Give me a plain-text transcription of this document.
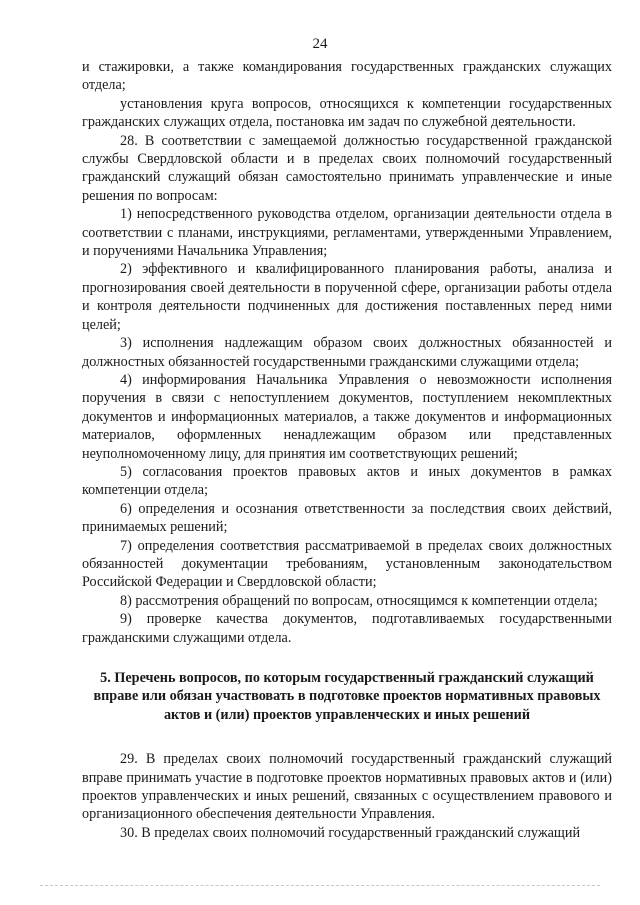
24

и стажировки, а также командирования государственных гражданских служащих отдела;

установления круга вопросов, относящихся к компетенции государственных гражданских служащих отдела, постановка им задач по служебной деятельности.

28. В соответствии с замещаемой должностью государственной гражданской службы Свердловской области и в пределах своих полномочий государственный гражданский служащий обязан самостоятельно принимать управленческие и иные решения по вопросам:

1) непосредственного руководства отделом, организации деятельности отдела в соответствии с планами, инструкциями, регламентами, утвержденными Управлением, и поручениями Начальника Управления;

2) эффективного и квалифицированного планирования работы, анализа и прогнозирования своей деятельности в порученной сфере, организации работы отдела и контроля деятельности подчиненных для достижения поставленных перед ними целей;

3) исполнения надлежащим образом своих должностных обязанностей и должностных обязанностей государственными гражданскими служащими отдела;

4) информирования Начальника Управления о невозможности исполнения поручения в связи с непоступлением документов, поступлением некомплектных документов и информационных материалов, а также документов и информационных материалов, оформленных ненадлежащим образом или представленных неуполномоченному лицу, для принятия им соответствующих решений;

5) согласования проектов правовых актов и иных документов в рамках компетенции отдела;

6) определения и осознания ответственности за последствия своих действий, принимаемых решений;

7) определения соответствия рассматриваемой в пределах своих должностных обязанностей документации требованиям, установленным законодательством Российской Федерации и Свердловской области;

8) рассмотрения обращений по вопросам, относящимся к компетенции отдела;

9) проверке качества документов, подготавливаемых государственными гражданскими служащими отдела.

5. Перечень вопросов, по которым государственный гражданский служащий вправе или обязан участвовать в подготовке проектов нормативных правовых актов и (или) проектов управленческих и иных решений

29. В пределах своих полномочий государственный гражданский служащий вправе принимать участие в подготовке проектов нормативных правовых актов и (или) проектов управленческих и иных решений, связанных с осуществлением правового и организационного обеспечения деятельности Управления.

30. В пределах своих полномочий государственный гражданский служащий
